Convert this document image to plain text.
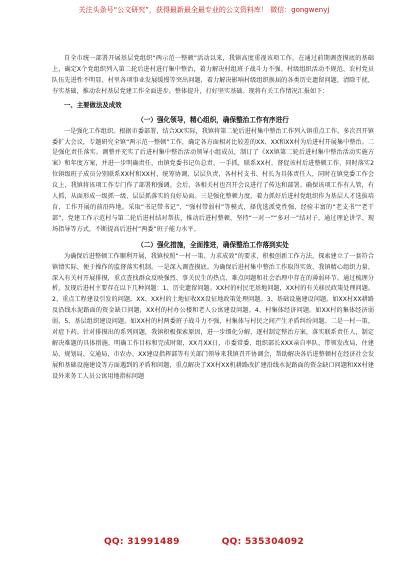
关注头条号“公文研究”，获得最新最全最专业的公文资料库！ 微信：gongwenyj

自全市统一部署开展基层党组织“两示范一整顿”活动以来，我镇高度重视该项工作，在通过前期调查摸底的基础上，确定X个党组织列入第二轮后进村进行集中整治，着力解决村组班子战斗力不强、村级组织活动不规范、农村党员队伍先进性不明显、村里各项事业发展缓慢等突出问题，着力解决影响村级组织换届的各类历史遗留问题，清除干扰，夯实基础，推动农村基层党建工作全面进步、整体提升，打好坚实基础。现将有关工作情况汇报如下：

一、主要做法及成效
（一）强化领导，精心组织，确保整治工作有序进行

一是强化工作组织。根据市委部署，结合XX实际，我镇将第二轮后进村集中整治工作列入镇重点工作，多次召开镇委扩大会议，专题研究全镇“两示范一整顿”工作，确定各方面相对比较差的XX、XX和XX村为后进村开展集中整治。二是强化责任落实。调整并充实了后进村集中整治活动领导小组成员，制订了《XX镇第二轮后进村集中整治活动实施方案》和年度方案，并进一步明确责任，由镇党委书记负总责、一手抓，联系XX村，督促该村后进整顿工作，同时落实2位镇级班子成员分别联系XX村和XX村，统筹协调、层层负责，各村村支书、村长为具体责任人，同时在镇党委工作会议上，我镇将该项工作专门作了部署和强调。会后，各相关村也召开会议进行了传达和部署。确保该项工作有人管，有人抓，从面形成一级抓一级、层层抓落实的良好局面。三是强化整顿力度，着力抓好后进村党组织作为基层人才选拔培育，工作开展的前沿阵地。采取“书记带书记”、“强村带弱村”等模式，择优选派党性强、经验丰富的“老支书”“老干部”，党建工作示范村与第二轮后进村结对帮扶，推动后进村整顿，坚持“一对一”“多对一”结对子，通过理论讲学、现场指导等方式，不断提高后进村“两委”班子能力水平。

（二）强化措施，全面推进，确保整治工作落到实处

为确保后进整顿工作顺利开展，我镇按照“一村一策、力求成效”的要求，积极创新工作方法，探索建立了一套符合镇情实际、便于操作的监督落实机制。一是深入调查摸底。为确保后进村集中整治工作取得实效，我镇精心组织力量，深入有关村开展排摸，重点查找群众反映强烈、事关民生的热点、难点问题和社会治理中存在的薄弱环节。通过梳理分析，发现后进村主要存在以下几种问题：1、历史遗留问题。XX村的村民宅基地问题，XX村的有关移民政策处理问题。2、重点工程建设引发的问题。XX、XX村的土地征收XX设征地政策处理问题。3、基础设施建设问题。如XX村XX耕路及沿线水泥路面的资金缺口问题，XX村的村办公楼和老人公寓建设问题。4、村集体经济问题。如XX村的集体经济弱弱，5、基层组织建设问题。如XX村的村两委班子战斗力不强，村集体与村民之间产生矛盾纠纷问题。二是一村一策，对症下药。针对排摸出的系列问题，我镇积极探索原因，进一步细化分解，逐村制定整治方案，落实联系责任人，制定解决难题的具体措施，明确工作目标和完成时限，XX月XX日，市委常委、组织部长XXX亲自率队，带领发改局、住建局、规划局、交通局、市农办、XX建设指挥部等有关部门领导来我镇召开协调会，帮助解决各后进整顿村在经济社会发展和基础设施建设等方面遇到的矛盾和问题，重点解决了XX村XX机耕路改扩建沿线水泥路面的资金缺口问题和XX村建设外来务工人员公寓用地指标问题

QQ: 31991489	QQ: 535304092
